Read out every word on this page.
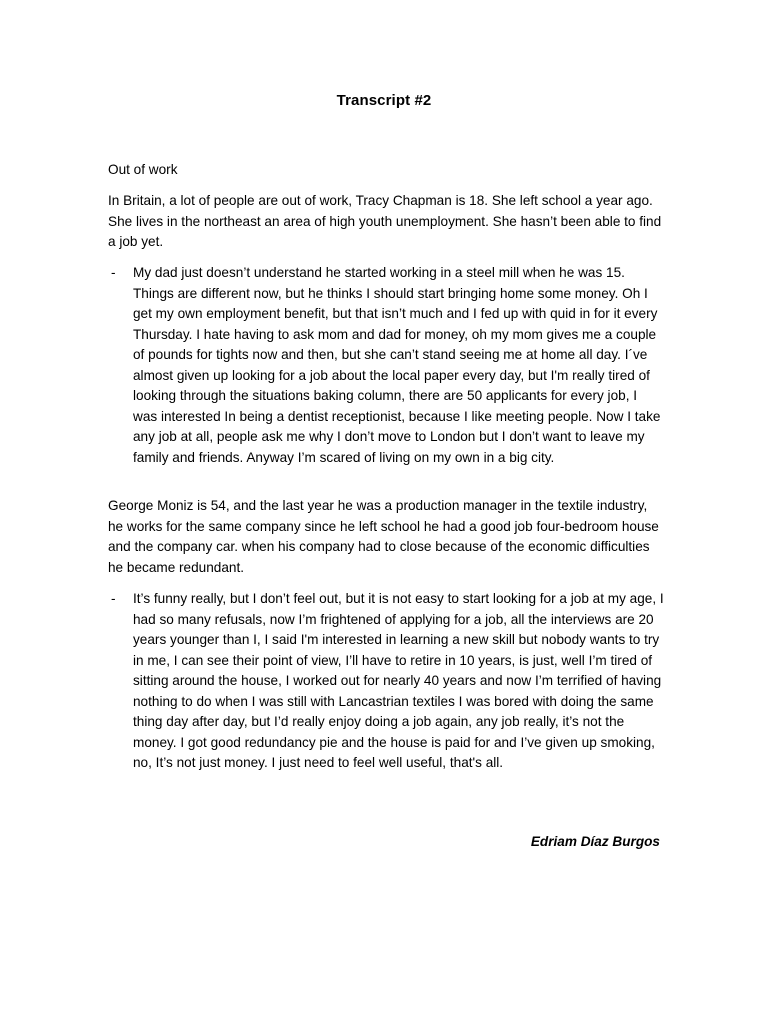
Transcript #2
Out of work

In Britain, a lot of people are out of work, Tracy Chapman is 18. She left school a year ago. She lives in the northeast an area of high youth unemployment. She hasn’t been able to find a job yet.

- My dad just doesn’t understand he started working in a steel mill when he was 15. Things are different now, but he thinks I should start bringing home some money. Oh I get my own employment benefit, but that isn’t much and I fed up with quid in for it every Thursday. I hate having to ask mom and dad for money, oh my mom gives me a couple of pounds for tights now and then, but she can’t stand seeing me at home all day. I´ve almost given up looking for a job about the local paper every day, but I'm really tired of looking through the situations baking column, there are 50 applicants for every job, I was interested In being a dentist receptionist, because I like meeting people. Now I take any job at all, people ask me why I don’t move to London but I don’t want to leave my family and friends. Anyway I’m scared of living on my own in a big city.

George Moniz is 54, and the last year he was a production manager in the textile industry, he works for the same company since he left school he had a good job four-bedroom house and the company car. when his company had to close because of the economic difficulties he became redundant.

- It’s funny really, but I don’t feel out, but it is not easy to start looking for a job at my age, I had so many refusals, now I’m frightened of applying for a job, all the interviews are 20 years younger than I, I said I'm interested in learning a new skill but nobody wants to try in me, I can see their point of view, I’ll have to retire in 10 years, is just, well I’m tired of sitting around the house, I worked out for nearly 40 years and now I’m terrified of having nothing to do when I was still with Lancastrian textiles I was bored with doing the same thing day after day, but I’d really enjoy doing a job again, any job really, it’s not the money. I got good redundancy pie and the house is paid for and I’ve given up smoking, no, It’s not just money. I just need to feel well useful, that's all.
Edriam Díaz Burgos
